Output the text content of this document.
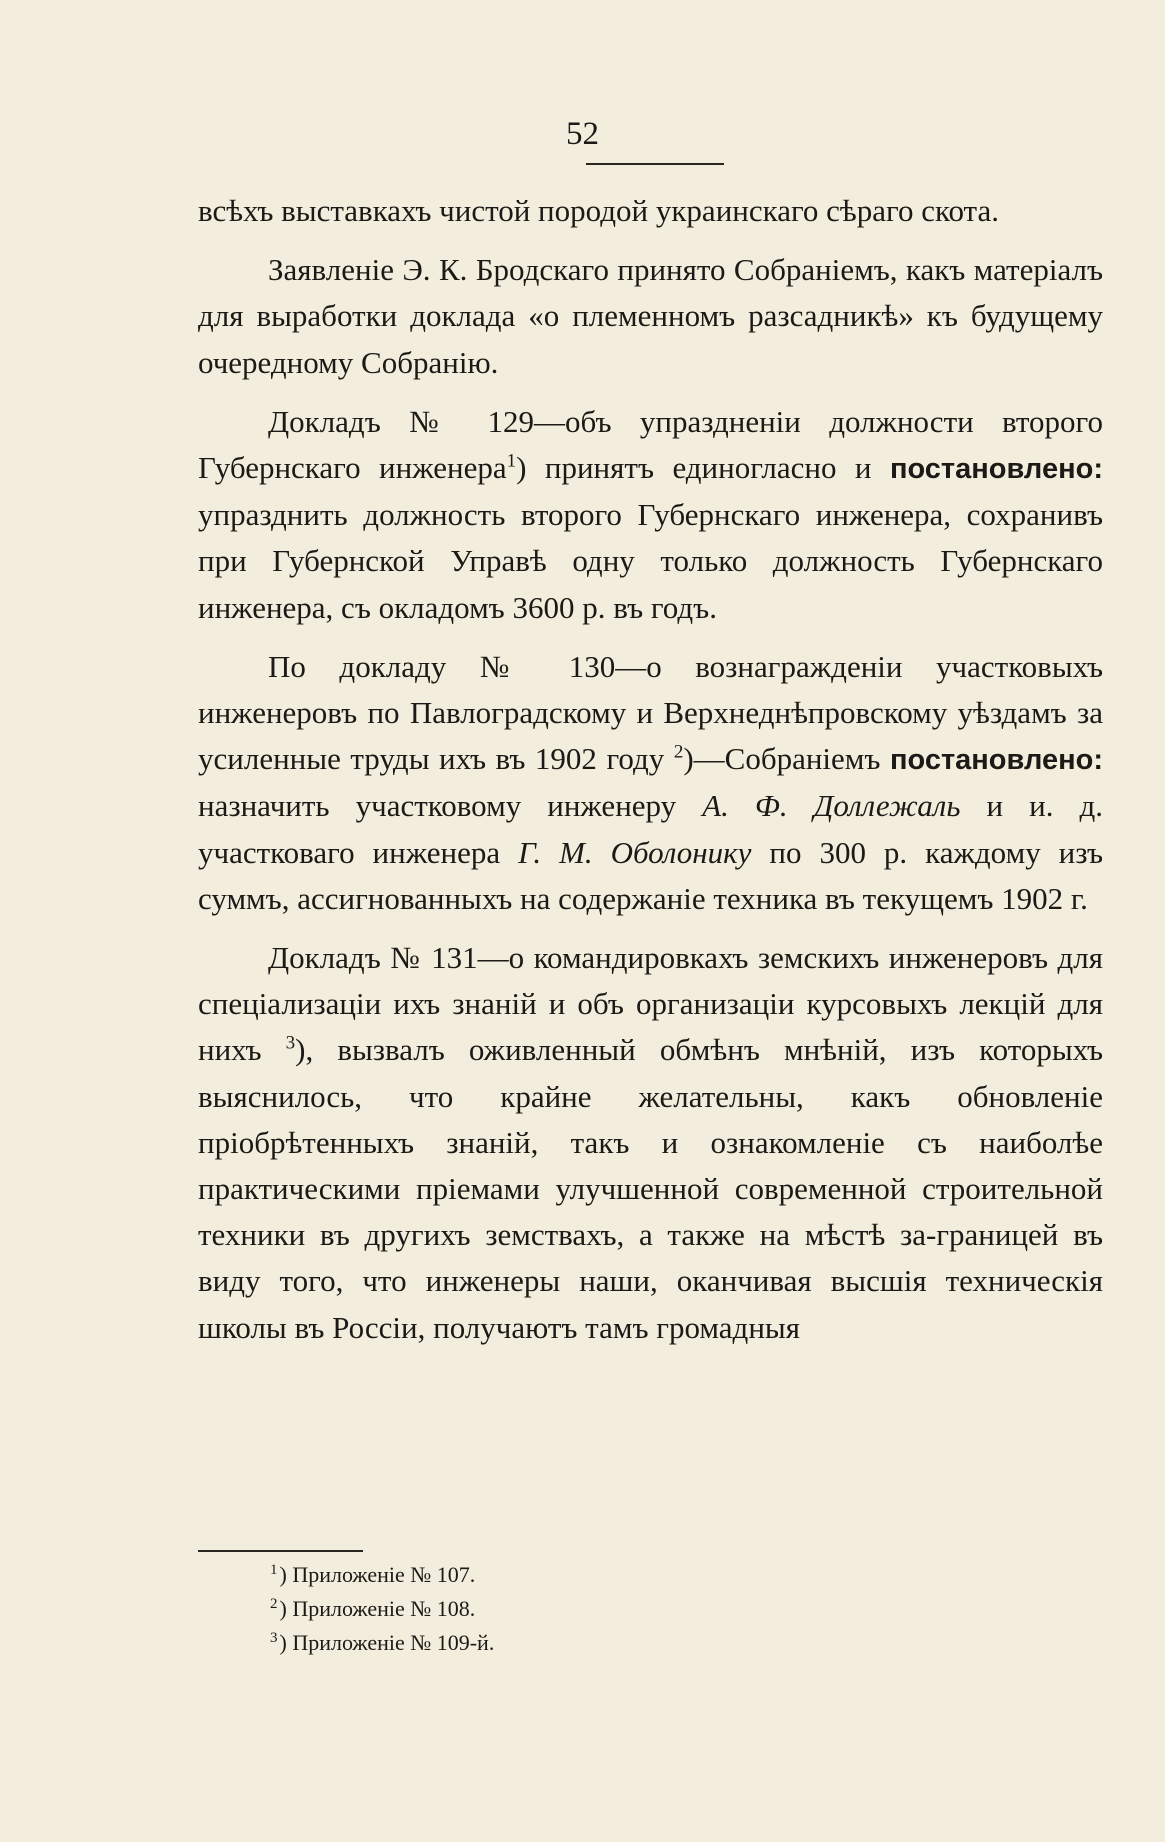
52

всѣхъ выставкахъ чистой породой украинскаго сѣраго скота.

Заявленіе Э. К. Бродскаго принято Собраніемъ, какъ матеріалъ для выработки доклада «о племенномъ разсадникѣ» къ будущему очередному Собранію.

Докладъ № 129—объ упраздненіи должности второго Губернскаго инженера$^1$) принятъ единогласно и постановлено: упразднить должность второго Губернскаго инженера, сохранивъ при Губернской Управѣ одну только должность Губернскаго инженера, съ окладомъ 3600 р. въ годъ.

По докладу № 130—о вознагражденіи участковыхъ инженеровъ по Павлоградскому и Верхнеднѣпровскому уѣздамъ за усиленные труды ихъ въ 1902 году $^2$)—Собраніемъ постановлено: назначить участковому инженеру А. Ф. Доллежаль и и. д. участковаго инженера Г. М. Оболонику по 300 р. каждому изъ суммъ, ассигнованныхъ на содержаніе техника въ текущемъ 1902 г.

Докладъ № 131—о командировкахъ земскихъ инженеровъ для спеціализаціи ихъ знаній и объ организаціи курсовыхъ лекцій для нихъ $^3$), вызвалъ оживленный обмѣнъ мнѣній, изъ которыхъ выяснилось, что крайне желательны, какъ обновленіе пріобрѣтенныхъ знаній, такъ и ознакомленіе съ наиболѣе практическими пріемами улучшенной современной строительной техники въ другихъ земствахъ, а также на мѣстѣ за-границей въ виду того, что инженеры наши, оканчивая высшія техническія школы въ Россіи, получаютъ тамъ громадныя

$^1$) Приложеніе № 107.

$^2$) Приложеніе № 108.

$^3$) Приложеніе № 109-й.
